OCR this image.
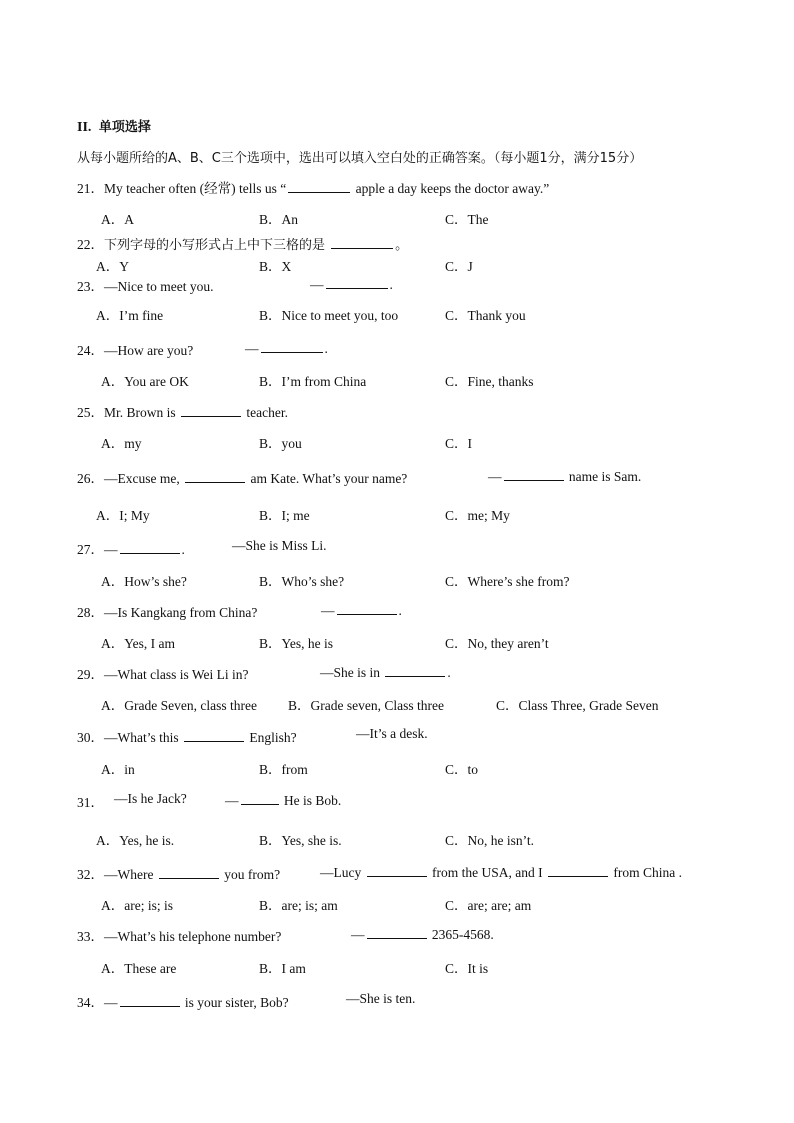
II. 单项选择从每小题所给的A、B、C三个选项中，选出可以填入空白处的正确答案。（每小题1分，满分15分）
21．My teacher often (经常) tells us “	apple a day keeps the doctor away.”
A．A	B．An	C．The
22．下列字母的小写形式占上中下三格的是	。
A．Y	B．X	C．J
23．—Nice to meet you.	—	.
A．I’m fine	B．Nice to meet you, too	C．Thank you
24．—How are you?	—	.
A．You are OK	B．I’m from China	C．Fine, thanks
25．Mr. Brown is	teacher.
A．my	B．you	C．I
26．—Excuse me,	am Kate. What’s your name?	—	name is Sam.
A．I; My	B．I; me	C．me; My
27．—	.	—She is Miss Li.
A．How’s she?	B．Who’s she?	C．Where’s she from?
28．—Is Kangkang from China?	—	.
A．Yes, I am	B．Yes, he is	C．No, they aren’t
29．—What class is Wei Li in?	—She is in	.
A．Grade Seven, class three B．Grade seven, Class three	C．Class Three, Grade Seven
30．—What’s this	English?	—It’s a desk.
A．in	B．from	C．to
31． —Is he Jack?	—	He is Bob.
A．Yes, he is.	B．Yes, she is.	C．No, he isn’t.
32．—Where	you from?	—Lucy	from the USA, and I	from China .
A．are; is; is	B．are; is; am	C．are; are; am
33．—What’s his telephone number?	—	2365-4568.
A．These are	B．I am	C．It is
34．—	is your sister, Bob?	—She is ten.
